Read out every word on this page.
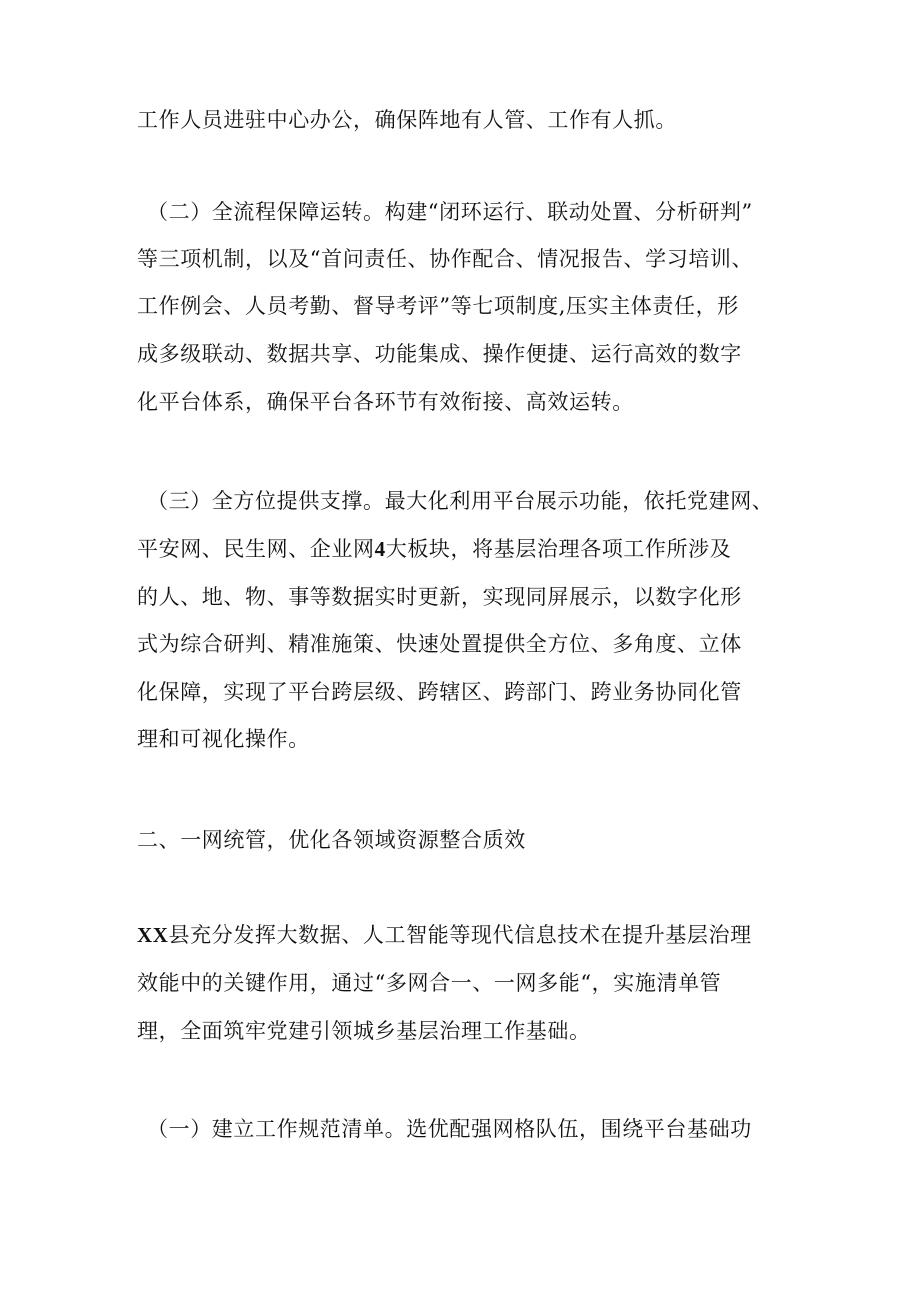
工作人员进驻中心办公，确保阵地有人管、工作有人抓。
（二）全流程保障运转。构建“闭环运行、联动处置、分析研判”
等三项机制，以及“首问责任、协作配合、情况报告、学习培训、
工作例会、人员考勤、督导考评”等七项制度,压实主体责任，形
成多级联动、数据共享、功能集成、操作便捷、运行高效的数字
化平台体系，确保平台各环节有效衔接、高效运转。
（三）全方位提供支撑。最大化利用平台展示功能，依托党建网、
平安网、民生网、企业网4大板块，将基层治理各项工作所涉及
的人、地、物、事等数据实时更新，实现同屏展示，以数字化形
式为综合研判、精准施策、快速处置提供全方位、多角度、立体
化保障，实现了平台跨层级、跨辖区、跨部门、跨业务协同化管
理和可视化操作。
二、一网统管，优化各领域资源整合质效
XX县充分发挥大数据、人工智能等现代信息技术在提升基层治理
效能中的关键作用，通过“多网合一、一网多能“，实施清单管
理，全面筑牢党建引领城乡基层治理工作基础。
（一）建立工作规范清单。选优配强网格队伍，围绕平台基础功
